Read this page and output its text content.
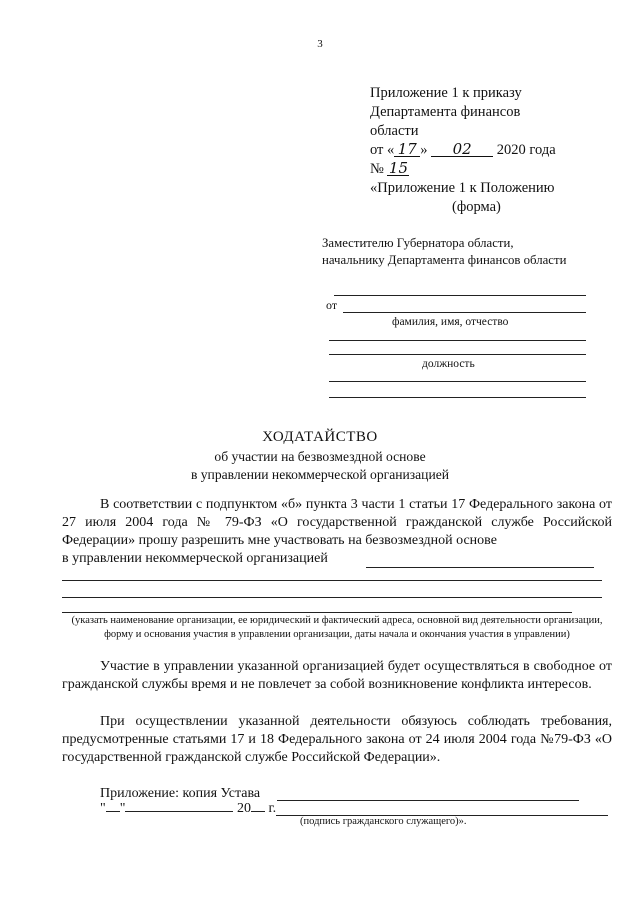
3
Приложение 1 к приказу
Департамента финансов
области
от « 17 » 02 2020 года
№ 15
«Приложение 1 к Положению
(форма)
Заместителю Губернатора области,
начальнику Департамента финансов области
от
фамилия, имя, отчество
должность
ХОДАТАЙСТВО
об участии на безвозмездной основе
в управлении некоммерческой организацией
В соответствии с подпунктом «б» пункта 3 части 1 статьи 17 Федерального закона от 27 июля 2004 года № 79-ФЗ «О государственной гражданской службе Российской Федерации» прошу разрешить мне участвовать на безвозмездной основе
в управлении некоммерческой организацией
(указать наименование организации, ее юридический и фактический адреса, основной вид деятельности организации, форму и основания участия в управлении организации, даты начала и окончания участия в управлении)
Участие в управлении указанной организацией будет осуществляться в свободное от гражданской службы время и не повлечет за собой возникновение конфликта интересов.
При осуществлении указанной деятельности обязуюсь соблюдать требования, предусмотренные статьями 17 и 18 Федерального закона от 24 июля 2004 года №79-ФЗ «О государственной гражданской службе Российской Федерации».
Приложение: копия Устава
" "	20 г.
(подпись гражданского служащего)».
